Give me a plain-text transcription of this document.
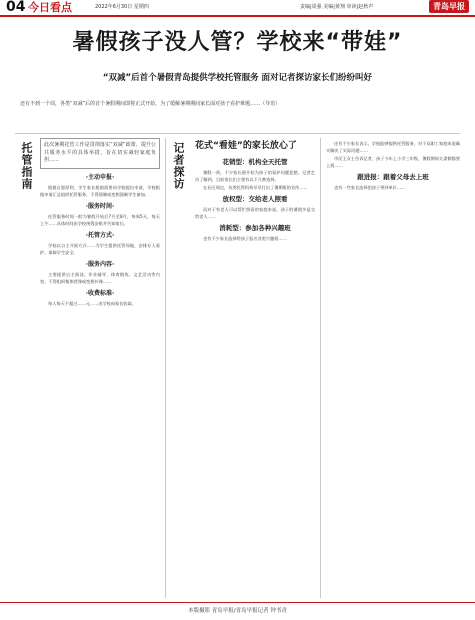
04 今日看点	2022年6月30日 星期四	责编|周强 美编|黄翔 审读|赵秋声	青岛早报
暑假孩子没人管？学校来“带娃”
“双减”后首个暑假青岛提供学校托管服务 面对记者探访家长们纷纷叫好
还有不到一个周，各类“双减”后的首个暑假期间即将正式开始，为了缓解暑期期间家长面对孩子看护难题……（导语）
托管指南	此次暑期托管工作是贯彻落实“双减”政策、提升公共服务水平的具体举措，旨在切实减轻家庭负担……
·主动申报·

根据自愿原则，学生家长根据需要向学校提出申请，学校根据申请汇总组织托管服务，不得强制或变相强制学生参加。

·服务时间·

托管服务时间一般为暑假开始后7月至8月，每周5天，每天上午……具体时间由学校统筹安排并告知家长。

·托管方式·

学校以自主开展方式……为学生提供托管场地，安排专人看护，保障学生安全。

·服务内容·

主要提供自主阅读、作业辅导、体育锻炼、文艺活动等内容，不得组织集体授课或变相补课……

·收费标准·

每人每天不超过……元……由学校向家长收取。

记者探访 花式“看娃”的家长放心了
花销型：机构全天托管

暑假一到，不少家长便开始为孩子的看护问题犯愁。记者走访了解到，目前家长们主要有以下几种选择。

在社区周边，各类托管机构早早打出了暑期班的宣传……

放权型：交给老人照看

而对于有老人可以帮忙照看的家庭来说，孩子的暑假多是交给老人……

消耗型：参加各种兴趣班

也有不少家长选择给孩子报名各类兴趣班……

还有不少家长表示，学校能够提供托管服务，对于双职工家庭来说确实解决了实际问题……

市民王女士告诉记者，孩子今年上小学三年级，暑假期间夫妻俩都要上班……

跟进报：跟着父母去上班

也有一些家长选择把孩子带到单位……

本版摄影 青岛早报/青岛早报记者 钟书青
